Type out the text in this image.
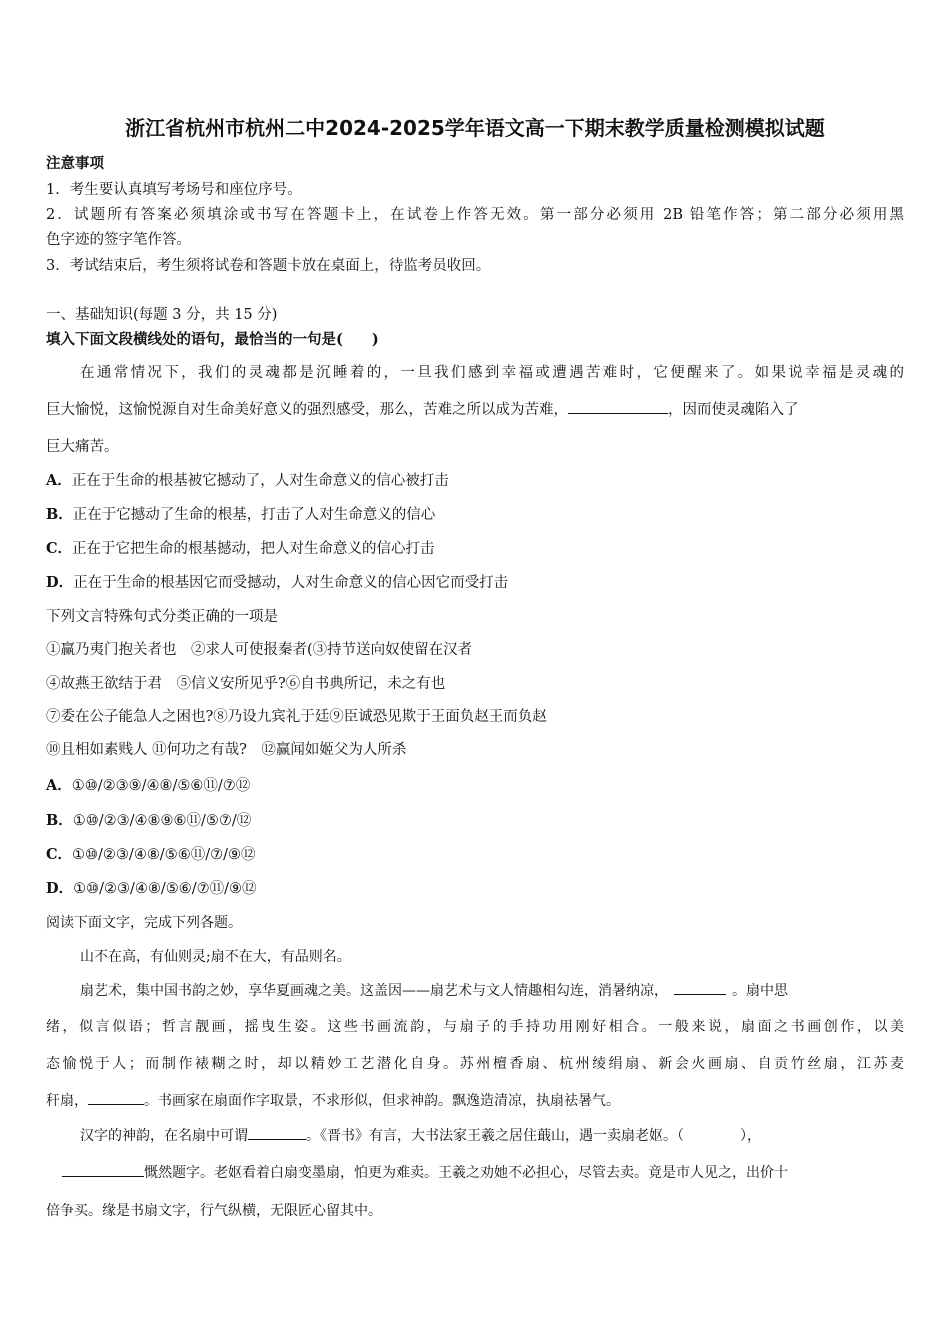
浙江省杭州市杭州二中2024-2025学年语文高一下期末教学质量检测模拟试题
注意事项
1．考生要认真填写考场号和座位序号。
2．试题所有答案必须填涂或书写在答题卡上，在试卷上作答无效。第一部分必须用 2B 铅笔作答；第二部分必须用黑
色字迹的签字笔作答。
3．考试结束后，考生须将试卷和答题卡放在桌面上，待监考员收回。
一、基础知识(每题 3 分，共 15 分)
填入下面文段横线处的语句，最恰当的一句是(　　)
在通常情况下，我们的灵魂都是沉睡着的，一旦我们感到幸福或遭遇苦难时，它便醒来了。如果说幸福是灵魂的
巨大愉悦，这愉悦源自对生命美好意义的强烈感受，那么，苦难之所以成为苦难，	，因而使灵魂陷入了
巨大痛苦。
A．正在于生命的根基被它撼动了，人对生命意义的信心被打击
B．正在于它撼动了生命的根基，打击了人对生命意义的信心
C．正在于它把生命的根基撼动，把人对生命意义的信心打击
D．正在于生命的根基因它而受撼动，人对生命意义的信心因它而受打击
下列文言特殊句式分类正确的一项是
①赢乃夷门抱关者也　②求人可使报秦者(③持节送向奴使留在汉者
④故燕王欲结于君　⑤信义安所见乎?⑥自书典所记，未之有也
⑦委在公子能急人之困也?⑧乃设九宾礼于廷⑨臣诚恐见欺于王面负赵王而负赵
⑩且相如素贱人 ⑪何功之有哉?　⑫赢闻如姬父为人所杀
A．①⑩/②③⑨/④⑧/⑤⑥⑪/⑦⑫
B．①⑩/②③/④⑧⑨⑥⑪/⑤⑦/⑫
C．①⑩/②③/④⑧/⑤⑥⑪/⑦/⑨⑫
D．①⑩/②③/④⑧/⑤⑥/⑦⑪/⑨⑫
阅读下面文字，完成下列各题。
山不在高，有仙则灵;扇不在大，有品则名。
扇艺术，集中国书韵之妙，享华夏画魂之美。这盖因——扇艺术与文人情趣相勾连，消暑纳凉，	。扇中思
绪，似言似语；哲言靓画，摇曳生姿。这些书画流韵，与扇子的手持功用刚好相合。一般来说，扇面之书画创作，以美
态愉悦于人；而制作裱糊之时，却以精妙工艺潜化自身。苏州檀香扇、杭州绫绢扇、新会火画扇、自贡竹丝扇，江苏麦
秆扇，	。书画家在扇面作字取景，不求形似，但求神韵。飘逸造清凉，执扇祛暑气。
汉字的神韵，在名扇中可谓	。《晋书》有言，大书法家王羲之居住蕺山，遇一卖扇老妪。（　　　　），
慨然题字。老妪看着白扇变墨扇，怕更为难卖。王羲之劝她不必担心，尽管去卖。竟是市人见之，出价十
倍争买。缘是书扇文字，行气纵横，无限匠心留其中。
